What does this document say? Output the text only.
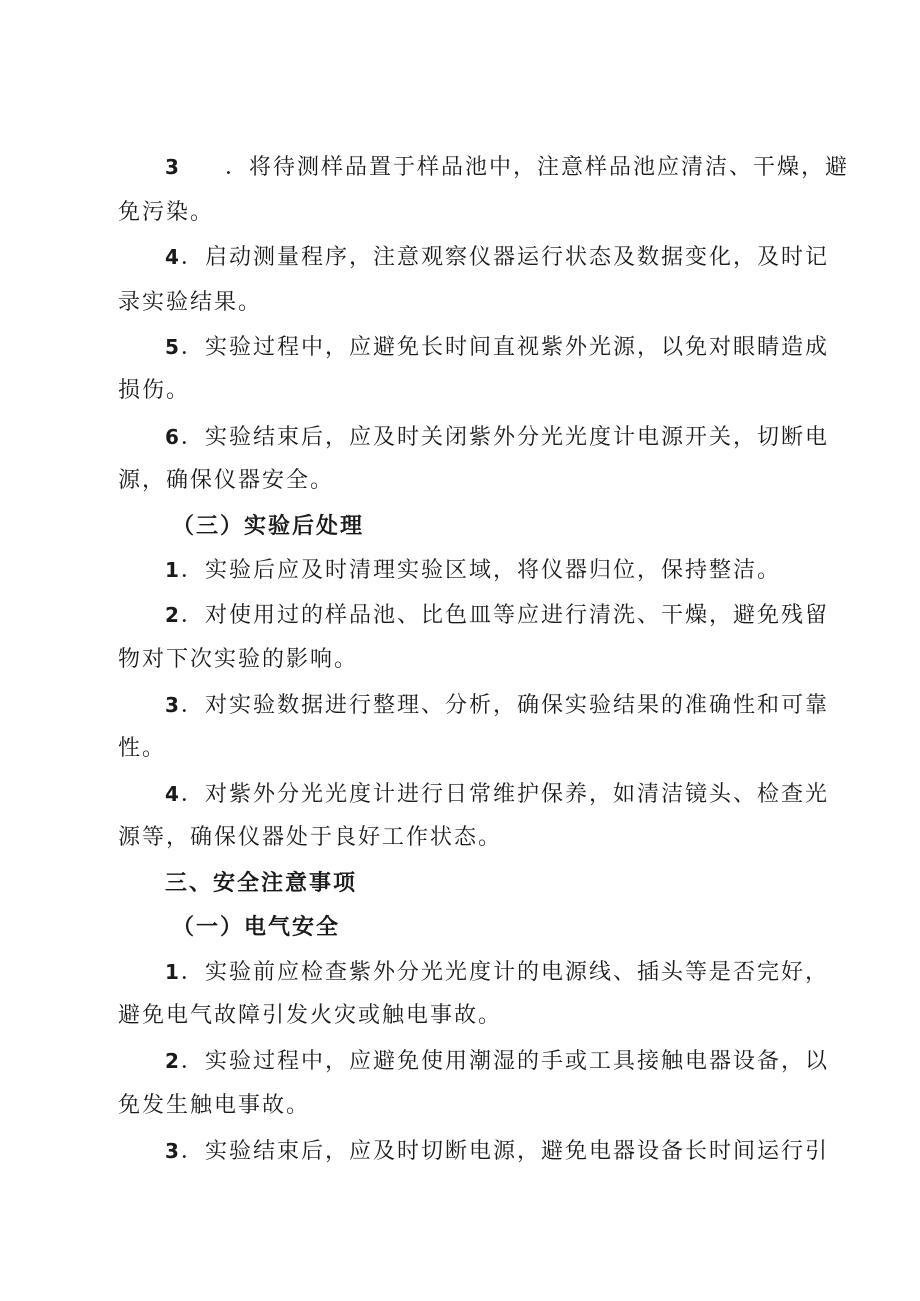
3 ．将待测样品置于样品池中，注意样品池应清洁、干燥，避
免污染。
4．启动测量程序，注意观察仪器运行状态及数据变化，及时记
录实验结果。
5．实验过程中，应避免长时间直视紫外光源，以免对眼睛造成
损伤。
6．实验结束后，应及时关闭紫外分光光度计电源开关，切断电
源，确保仪器安全。
（三）实验后处理
1．实验后应及时清理实验区域，将仪器归位，保持整洁。
2．对使用过的样品池、比色皿等应进行清洗、干燥，避免残留
物对下次实验的影响。
3．对实验数据进行整理、分析，确保实验结果的准确性和可靠
性。
4．对紫外分光光度计进行日常维护保养，如清洁镜头、检查光
源等，确保仪器处于良好工作状态。
三、安全注意事项
（一）电气安全
1．实验前应检查紫外分光光度计的电源线、插头等是否完好，
避免电气故障引发火灾或触电事故。
2．实验过程中，应避免使用潮湿的手或工具接触电器设备，以
免发生触电事故。
3．实验结束后，应及时切断电源，避免电器设备长时间运行引
